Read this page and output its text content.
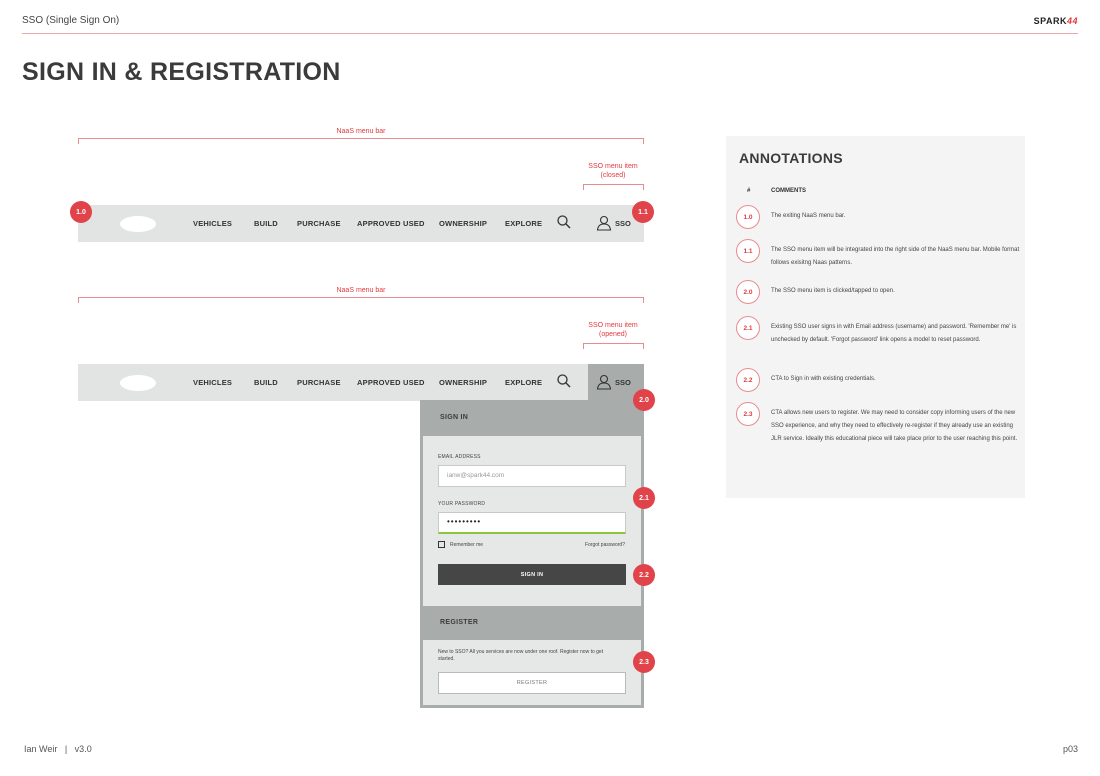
SSO (Single Sign On)	SPARK44
SIGN IN & REGISTRATION
NaaS menu bar
SSO menu item
(closed)
VEHICLES	BUILD	PURCHASE APPROVED USED OWNERSHIP EXPLORE	SSO
1.0	1.1
NaaS menu bar
SSO menu item
(opened)
VEHICLES	BUILD	PURCHASE APPROVED USED OWNERSHIP EXPLORE	SSO
SIGN IN
EMAIL ADDRESS
ianw@spark44.com
YOUR PASSWORD
•••••••••
Remember me	Forgot password?
SIGN IN
REGISTER
New to SSO? All you services are now under one roof. Register now to get started.
REGISTER
2.0
2.1
2.2
2.3
ANNOTATIONS
#	COMMENTS
1.0	The exiting NaaS menu bar.
1.1	The SSO menu item will be integrated into the right side of the NaaS menu bar. Mobile format follows exisitng Naas patterns.
2.0	The SSO menu item is clicked/tapped to open.
2.1	Existing SSO user signs in with Email address (username) and password. 'Remember me' is unchecked by default. 'Forgot password' link opens a model to reset password.
2.2	CTA to Sign in with existing credentials.
2.3	CTA allows new users to register. We may need to consider copy informing users of the new SSO experience, and why they need to effectively re-register if they already use an existing JLR service. Ideally this educational piece will take place prior to the user reaching this point.
Ian Weir   |   v3.0	p03
